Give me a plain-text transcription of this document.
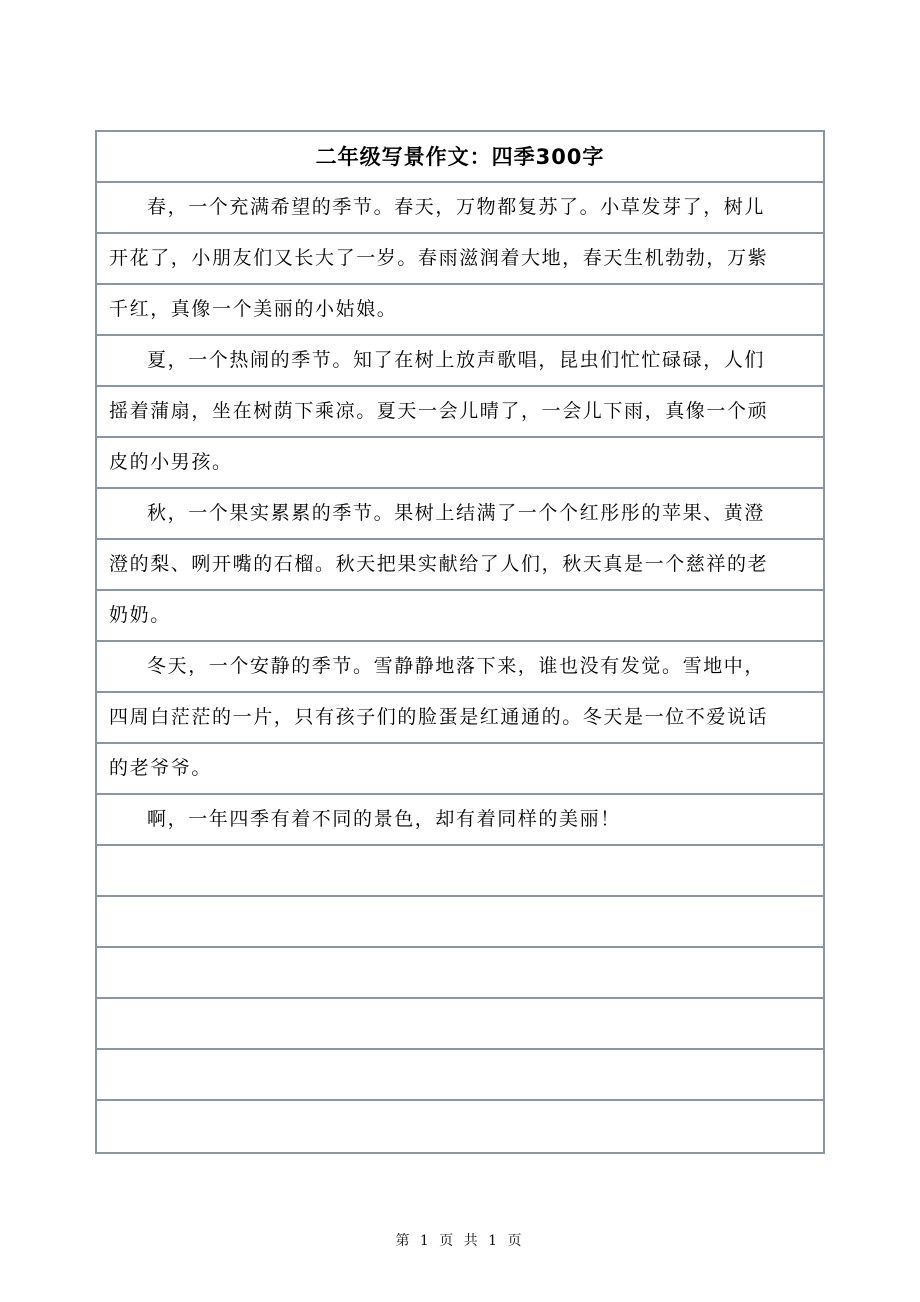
二年级写景作文：四季300字
春，一个充满希望的季节。春天，万物都复苏了。小草发芽了，树儿
开花了，小朋友们又长大了一岁。春雨滋润着大地，春天生机勃勃，万紫
千红，真像一个美丽的小姑娘。
夏，一个热闹的季节。知了在树上放声歌唱，昆虫们忙忙碌碌，人们
摇着蒲扇，坐在树荫下乘凉。夏天一会儿晴了，一会儿下雨，真像一个顽
皮的小男孩。
秋，一个果实累累的季节。果树上结满了一个个红彤彤的苹果、黄澄
澄的梨、咧开嘴的石榴。秋天把果实献给了人们，秋天真是一个慈祥的老
奶奶。
冬天，一个安静的季节。雪静静地落下来，谁也没有发觉。雪地中，
四周白茫茫的一片，只有孩子们的脸蛋是红通通的。冬天是一位不爱说话
的老爷爷。
啊，一年四季有着不同的景色，却有着同样的美丽！
第 1 页 共 1 页
